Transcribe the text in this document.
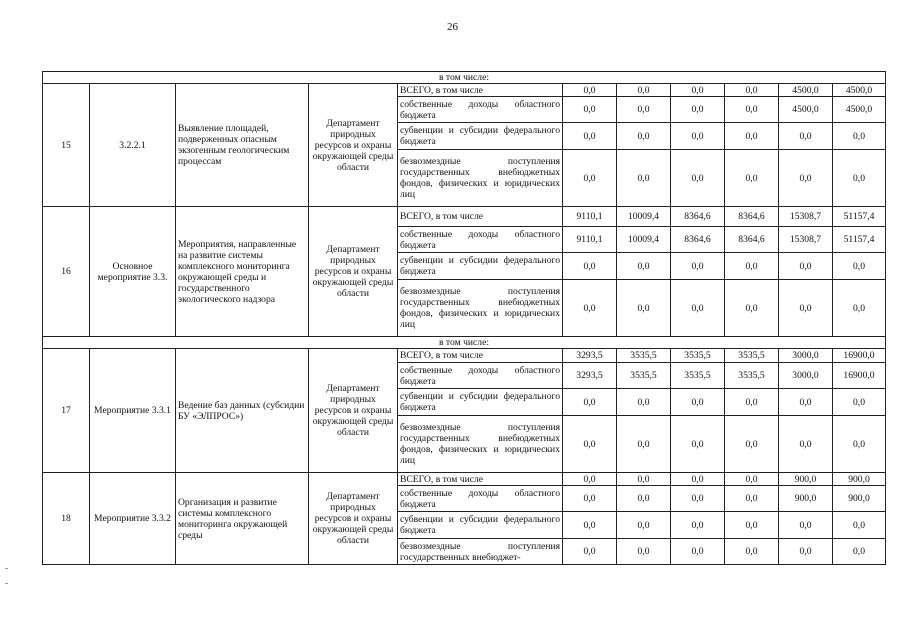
26
в том числе:										
15	3.2.2.1	Выявление площадей, подверженных опасным экзогенным геологическим процессам	Департамент природных ресурсов и охраны окружающей среды области	ВСЕГО, в том числе	0,0	0,0	0,0	0,0	4500,0	4500,0
				собственные доходы областного бюджета	0,0	0,0	0,0	0,0	4500,0	4500,0
				субвенции и субсидии федерального бюджета	0,0	0,0	0,0	0,0	0,0	0,0
				безвозмездные поступления государственных внебюджетных фондов, физических и юридических лиц	0,0	0,0	0,0	0,0	0,0	0,0
16	Основное мероприятие 3.3.	Мероприятия, направленные на развитие системы комплексного мониторинга окружающей среды и государственного экологического надзора	Департамент природных ресурсов и охраны окружающей среды области	ВСЕГО, в том числе	9110,1	10009,4	8364,6	8364,6	15308,7	51157,4
				собственные доходы областного бюджета	9110,1	10009,4	8364,6	8364,6	15308,7	51157,4
				субвенции и субсидии федерального бюджета	0,0	0,0	0,0	0,0	0,0	0,0
				безвозмездные поступления государственных внебюджетных фондов, физических и юридических лиц	0,0	0,0	0,0	0,0	0,0	0,0
в том числе:										
17	Мероприятие 3.3.1	Ведение баз данных (субсидии БУ «ЭЛПРОС»)	Департамент природных ресурсов и охраны окружающей среды области	ВСЕГО, в том числе	3293,5	3535,5	3535,5	3535,5	3000,0	16900,0
				собственные доходы областного бюджета	3293,5	3535,5	3535,5	3535,5	3000,0	16900,0
				субвенции и субсидии федерального бюджета	0,0	0,0	0,0	0,0	0,0	0,0
				безвозмездные поступления государственных внебюджетных фондов, физических и юридических лиц	0,0	0,0	0,0	0,0	0,0	0,0
18	Мероприятие 3.3.2	Организация и развитие системы комплексного мониторинга окружающей среды	Департамент природных ресурсов и охраны окружающей среды области	ВСЕГО, в том числе	0,0	0,0	0,0	0,0	900,0	900,0
				собственные доходы областного бюджета	0,0	0,0	0,0	0,0	900,0	900,0
				субвенции и субсидии федерального бюджета	0,0	0,0	0,0	0,0	0,0	0,0
				безвозмездные поступления государственных внебюджет-	0,0	0,0	0,0	0,0	0,0	0,0
